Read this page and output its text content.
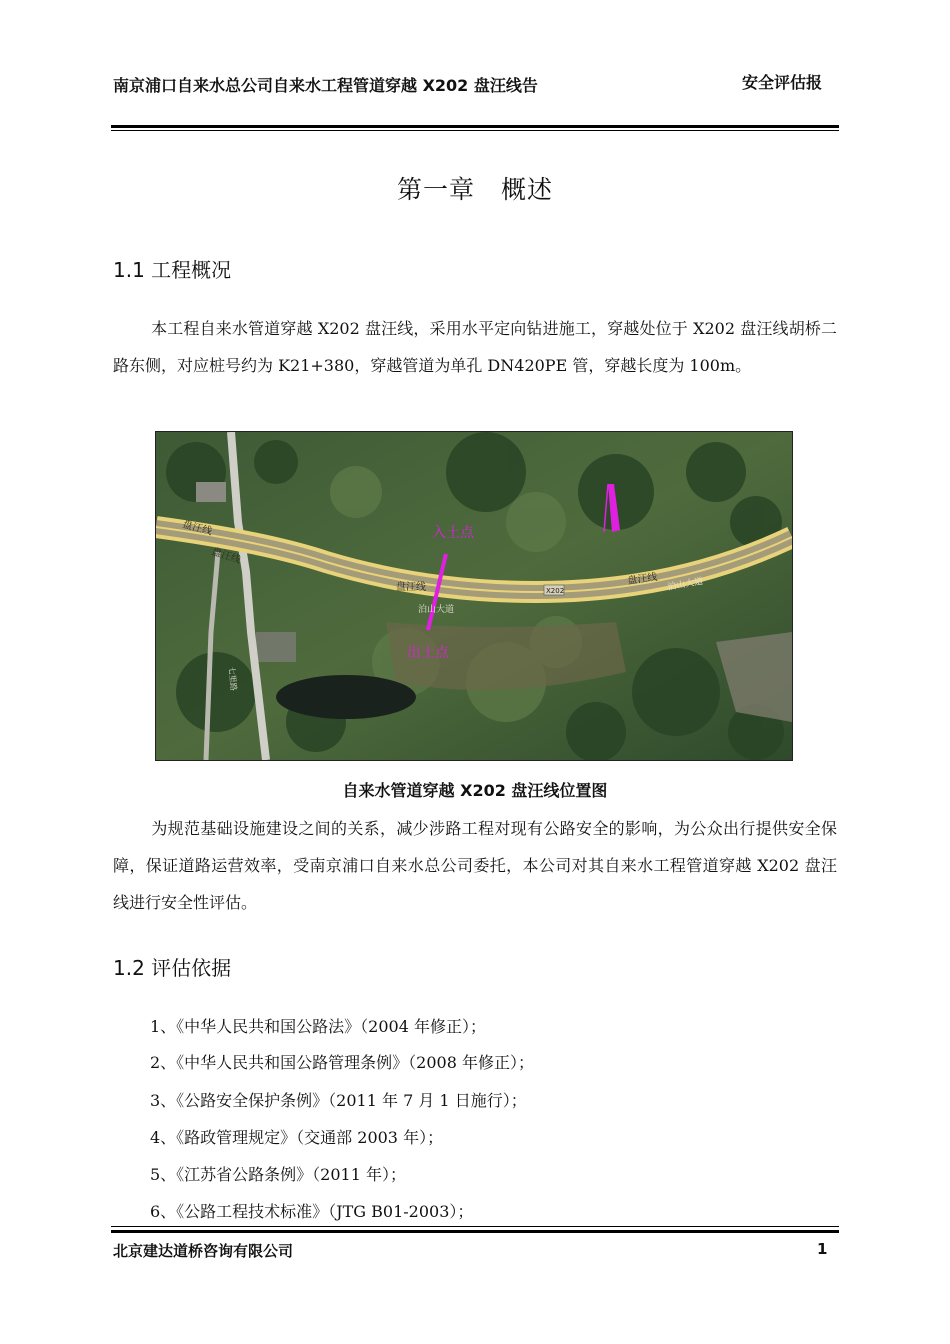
南京浦口自来水总公司自来水工程管道穿越 X202 盘汪线告	安全评估报
第一章　概述
1.1 工程概况
本工程自来水管道穿越 X202 盘汪线，采用水平定向钻进施工，穿越处位于 X202 盘汪线胡桥二路东侧，对应桩号约为 K21+380，穿越管道为单孔 DN420PE 管，穿越长度为 100m。
入土点
出土点
盘汪线
盘汪线
盘汪线
盘汪线
泊山大道
泊山大道
X202
七里路
自来水管道穿越 X202 盘汪线位置图
为规范基础设施建设之间的关系，减少涉路工程对现有公路安全的影响，为公众出行提供安全保障，保证道路运营效率，受南京浦口自来水总公司委托，本公司对其自来水工程管道穿越 X202 盘汪线进行安全性评估。
1.2 评估依据
1、《中华人民共和国公路法》（2004 年修正）；
2、《中华人民共和国公路管理条例》（2008 年修正）；
3、《公路安全保护条例》（2011 年 7 月 1 日施行）；
4、《路政管理规定》（交通部 2003 年）；
5、《江苏省公路条例》（2011 年）；
6、《公路工程技术标准》（JTG B01-2003）；
北京建达道桥咨询有限公司	1
